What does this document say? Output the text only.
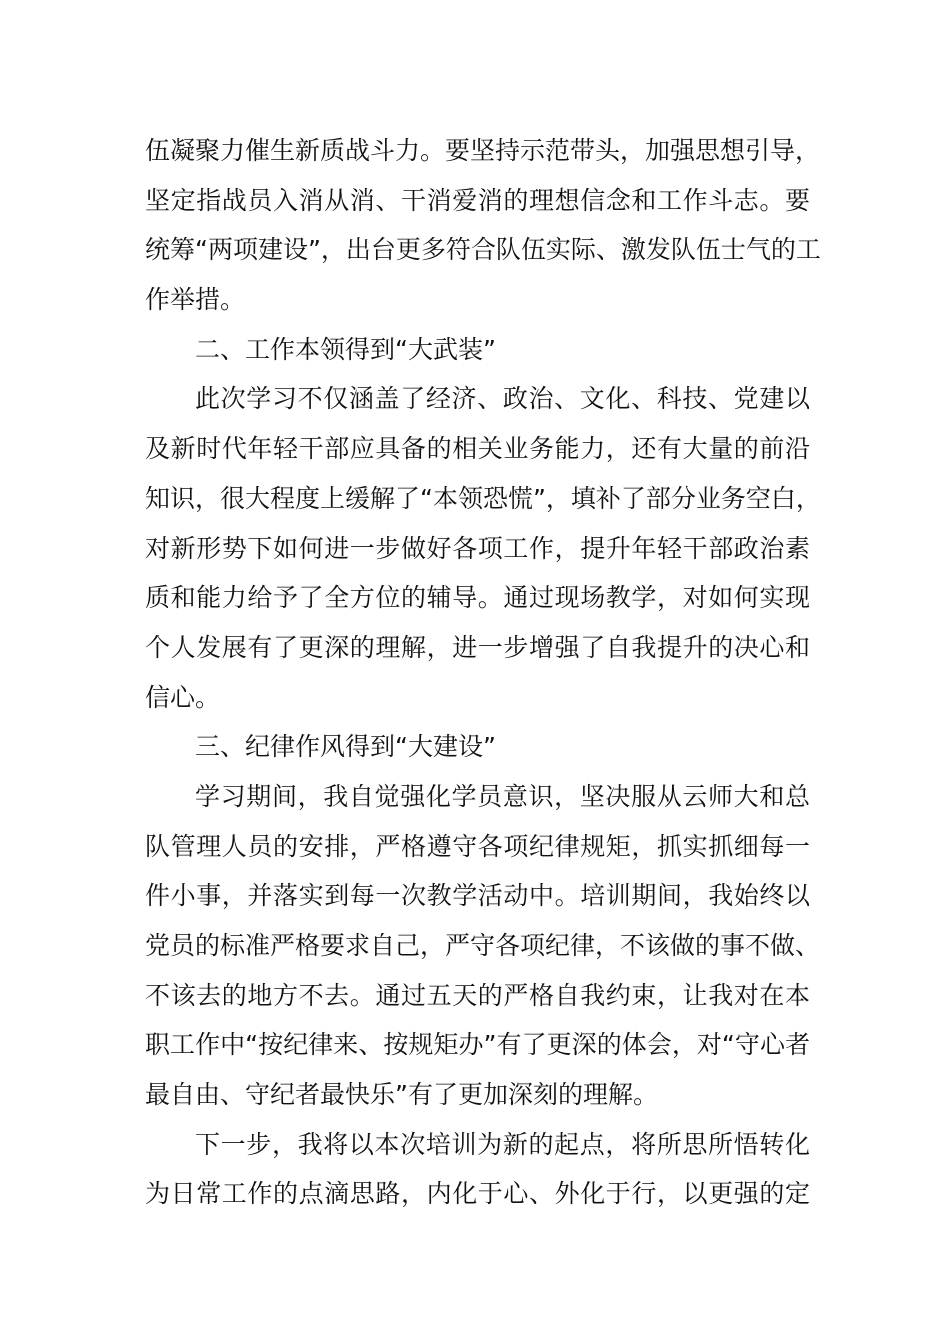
伍凝聚力催生新质战斗力。要坚持示范带头，加强思想引导，
坚定指战员入消从消、干消爱消的理想信念和工作斗志。要
统筹“两项建设”，出台更多符合队伍实际、激发队伍士气的工
作举措。
二、工作本领得到“大武装”
此次学习不仅涵盖了经济、政治、文化、科技、党建以
及新时代年轻干部应具备的相关业务能力，还有大量的前沿
知识，很大程度上缓解了“本领恐慌”，填补了部分业务空白，
对新形势下如何进一步做好各项工作，提升年轻干部政治素
质和能力给予了全方位的辅导。通过现场教学，对如何实现
个人发展有了更深的理解，进一步增强了自我提升的决心和
信心。
三、纪律作风得到“大建设”
学习期间，我自觉强化学员意识，坚决服从云师大和总
队管理人员的安排，严格遵守各项纪律规矩，抓实抓细每一
件小事，并落实到每一次教学活动中。培训期间，我始终以
党员的标准严格要求自己，严守各项纪律，不该做的事不做、
不该去的地方不去。通过五天的严格自我约束，让我对在本
职工作中“按纪律来、按规矩办”有了更深的体会，对“守心者
最自由、守纪者最快乐”有了更加深刻的理解。
下一步，我将以本次培训为新的起点，将所思所悟转化
为日常工作的点滴思路，内化于心、外化于行，以更强的定
